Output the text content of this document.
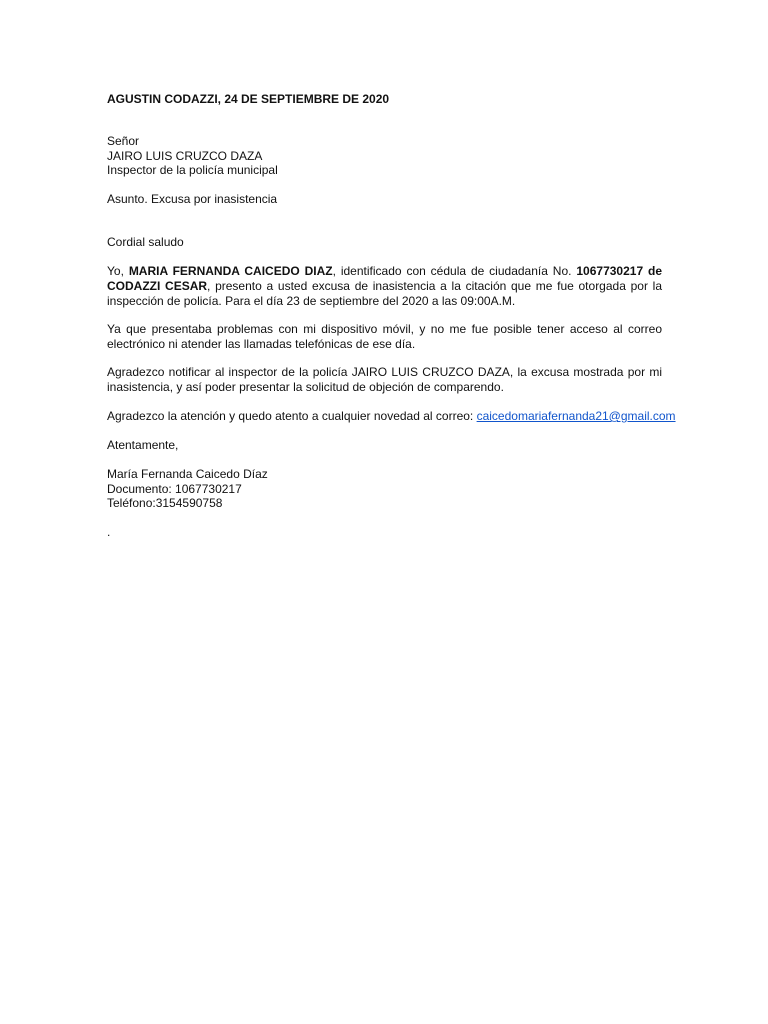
AGUSTIN CODAZZI, 24 DE SEPTIEMBRE DE 2020
Señor
JAIRO LUIS CRUZCO DAZA
Inspector de la policía municipal
Asunto. Excusa por inasistencia
Cordial saludo
Yo, MARIA FERNANDA CAICEDO DIAZ, identificado con cédula de ciudadanía No. 1067730217 de CODAZZI CESAR, presento a usted excusa de inasistencia a la citación que me fue otorgada por la inspección de policía. Para el día 23 de septiembre del 2020 a las 09:00A.M.
Ya que presentaba problemas con mi dispositivo móvil, y no me fue posible tener acceso al correo electrónico ni atender las llamadas telefónicas de ese día.
Agradezco notificar al inspector de la policía JAIRO LUIS CRUZCO DAZA, la excusa mostrada por mi inasistencia, y así poder presentar la solicitud de objeción de comparendo.
Agradezco la atención y quedo atento a cualquier novedad al correo: caicedomariafernanda21@gmail.com
Atentamente,
María Fernanda Caicedo Díaz
Documento: 1067730217
Teléfono:3154590758
.
